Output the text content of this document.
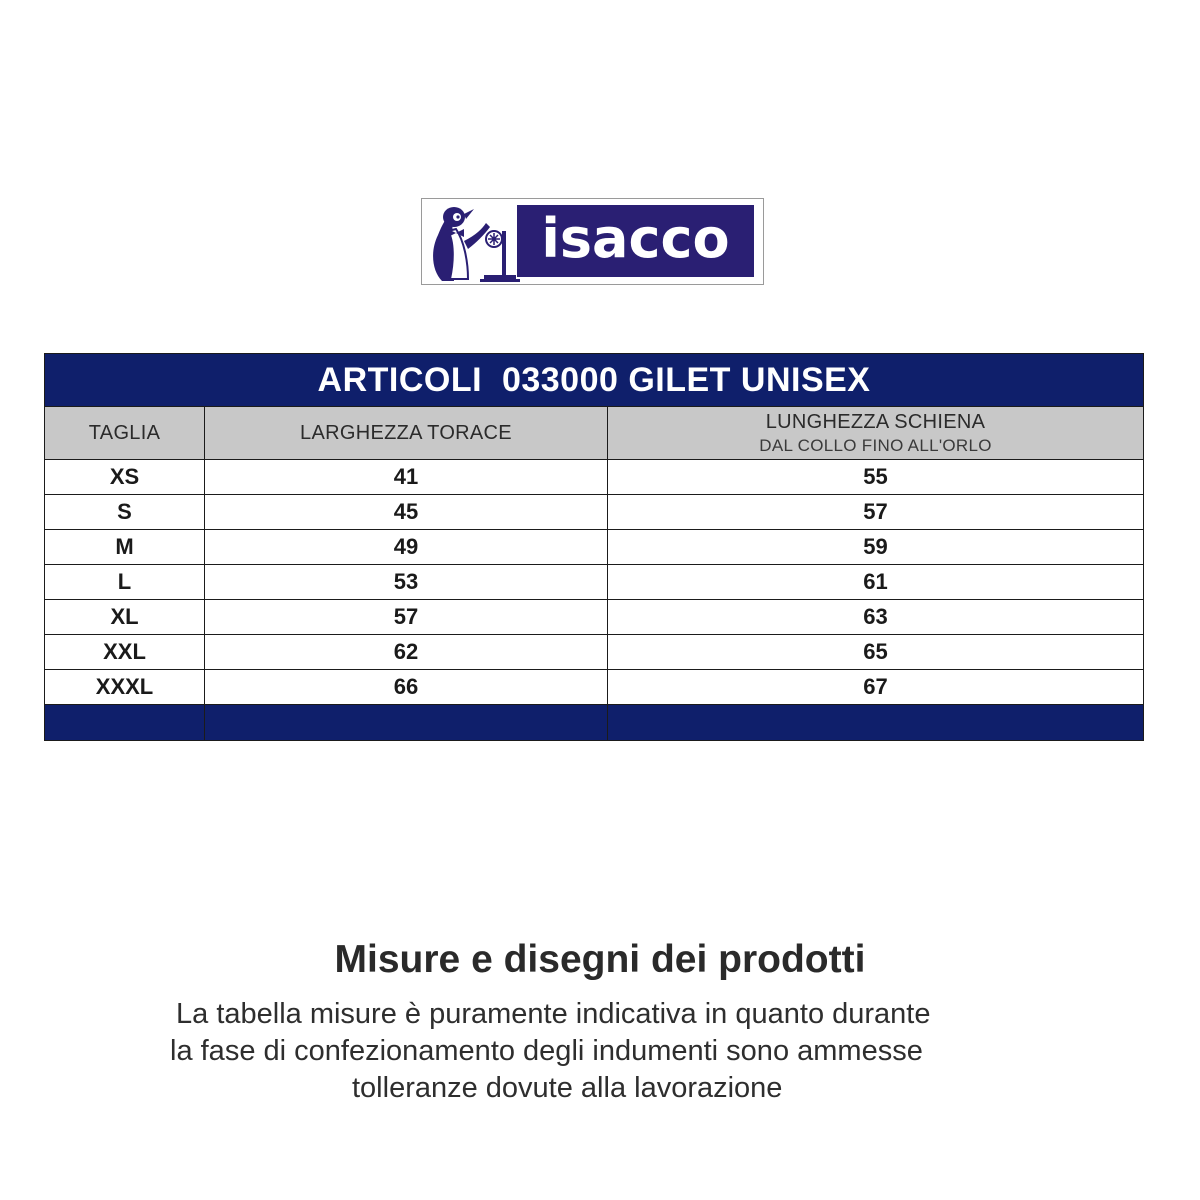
isacco
ARTICOLI  033000 GILET UNISEX		
TAGLIA	LARGHEZZA TORACE	LUNGHEZZA SCHIENA
DAL COLLO FINO ALL'ORLO

XS	41	55
S	45	57
M	49	59
L	53	61
XL	57	63
XXL	62	65
XXXL	66	67

Misure e disegni dei prodotti
La tabella misure è puramente indicativa in quanto durante
la fase di confezionamento degli indumenti sono ammesse
tolleranze dovute alla lavorazione
